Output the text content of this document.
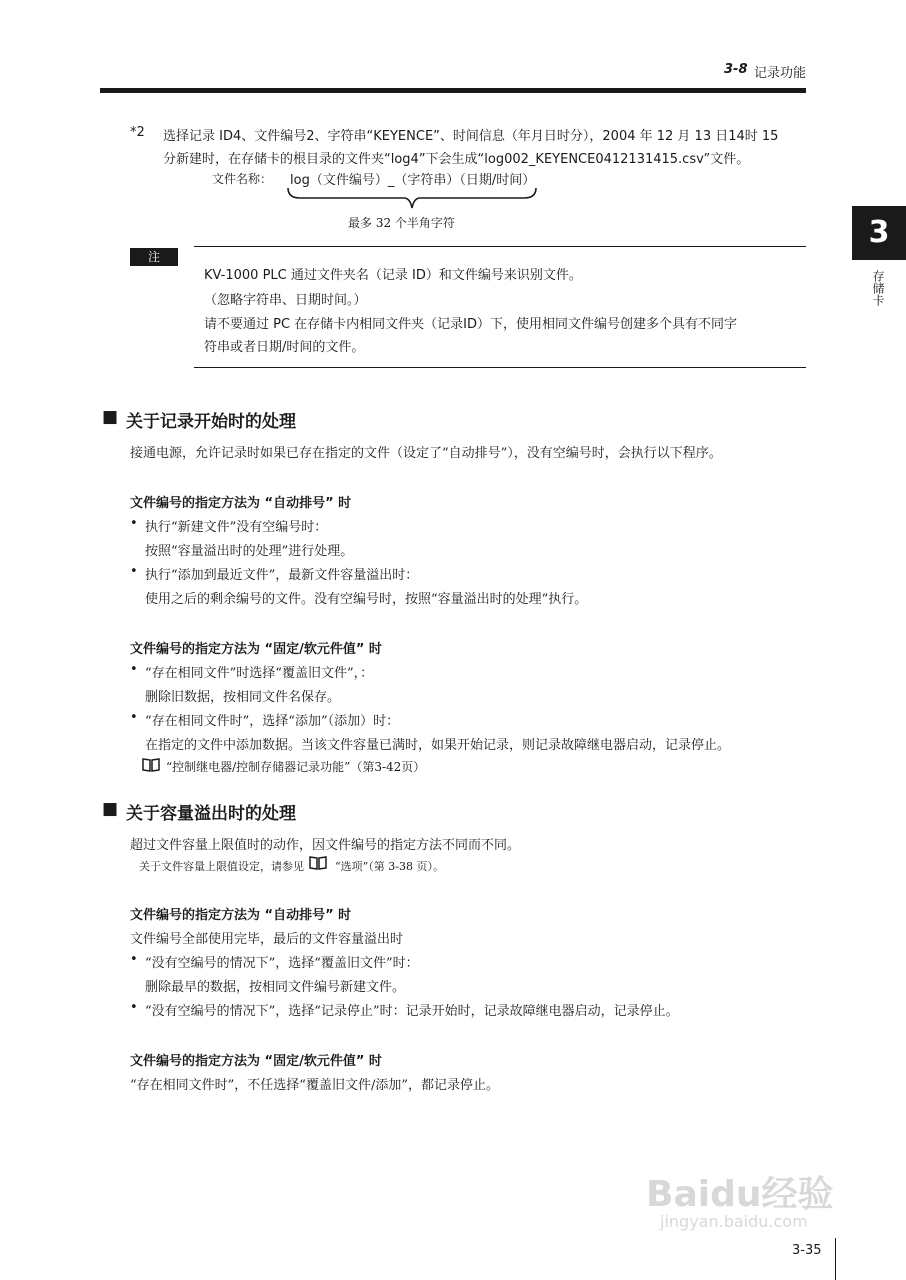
3-8 记录功能
3
存储卡
*2 选择记录 ID4、文件编号2、字符串“KEYENCE”、时间信息（年月日时分），2004 年 12 月 13 日14时 15
分新建时，在存储卡的根目录的文件夹“log4”下会生成“log002_KEYENCE0412131415.csv”文件。
文件名称： log（文件编号）_（字符串）（日期/时间）
最多 32 个半角字符
注
KV-1000 PLC 通过文件夹名（记录 ID）和文件编号来识别文件。
（忽略字符串、日期时间。）
请不要通过 PC 在存储卡内相同文件夹（记录ID）下，使用相同文件编号创建多个具有不同字
符串或者日期/时间的文件。
■ 关于记录开始时的处理
接通电源，允许记录时如果已存在指定的文件（设定了“自动排号”），没有空编号时，会执行以下程序。
文件编号的指定方法为 “自动排号” 时
• 执行“新建文件”没有空编号时：
按照“容量溢出时的处理”进行处理。
• 执行“添加到最近文件”，最新文件容量溢出时：
使用之后的剩余编号的文件。没有空编号时，按照“容量溢出时的处理”执行。
文件编号的指定方法为 “固定/软元件值” 时
• “存在相同文件”时选择“覆盖旧文件”，：
删除旧数据，按相同文件名保存。
• “存在相同文件时”，选择“添加”（添加）时：
在指定的文件中添加数据。当该文件容量已满时，如果开始记录，则记录故障继电器启动，记录停止。
“控制继电器/控制存储器记录功能”（第3-42页）
■ 关于容量溢出时的处理
超过文件容量上限值时的动作，因文件编号的指定方法不同而不同。
关于文件容量上限值设定，请参见	“选项”（第 3-38 页）。
文件编号的指定方法为 “自动排号” 时
文件编号全部使用完毕，最后的文件容量溢出时
• “没有空编号的情况下”，选择“覆盖旧文件”时：
删除最早的数据，按相同文件编号新建文件。
• “没有空编号的情况下”，选择“记录停止”时：记录开始时，记录故障继电器启动，记录停止。
文件编号的指定方法为 “固定/软元件值” 时
“存在相同文件时”，不任选择“覆盖旧文件/添加”，都记录停止。
Baidu经验
jingyan.baidu.com
3-35
